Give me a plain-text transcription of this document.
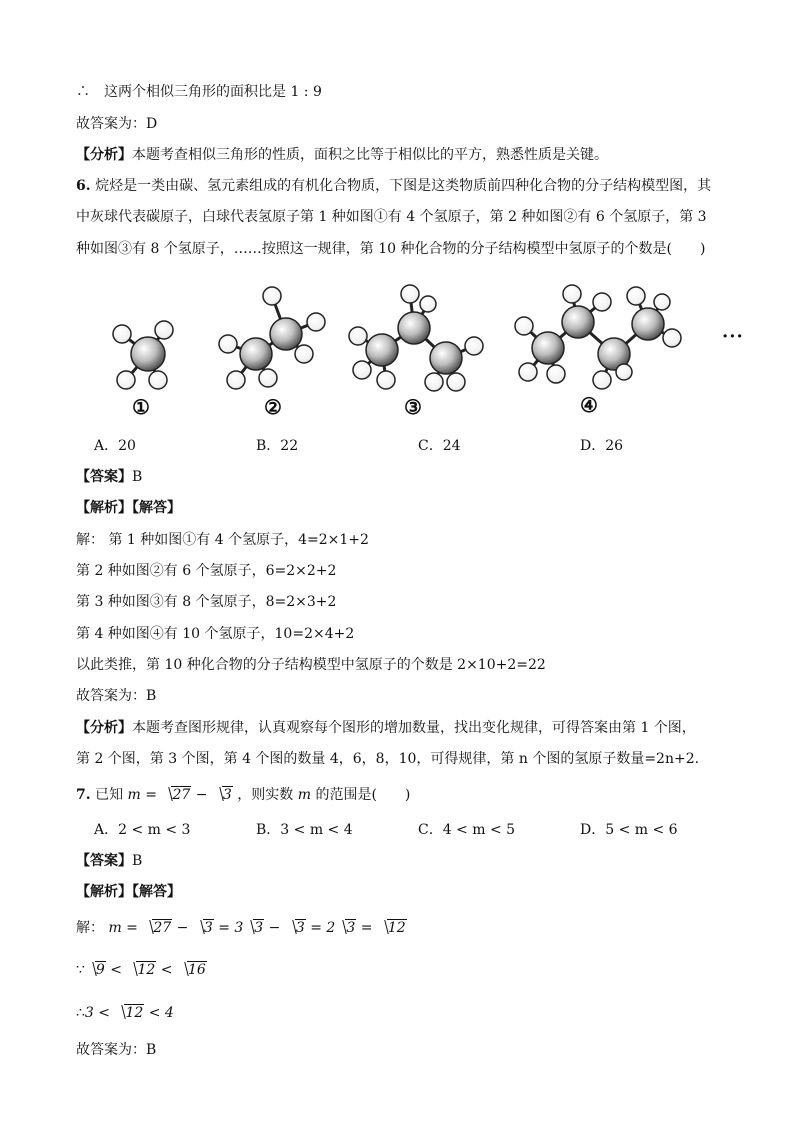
∴　这两个相似三角形的面积比是 1 : 9
故答案为：D
【分析】本题考查相似三角形的性质，面积之比等于相似比的平方，熟悉性质是关键。
6. 烷烃是一类由碳、氢元素组成的有机化合物质，下图是这类物质前四种化合物的分子结构模型图，其
中灰球代表碳原子，白球代表氢原子第 1 种如图①有 4 个氢原子，第 2 种如图②有 6 个氢原子，第 3
种如图③有 8 个氢原子，……按照这一规律，第 10 种化合物的分子结构模型中氢原子的个数是(　　)
①	②	③	④
···
A．20	B．22	C．24	D．26
【答案】B
【解析】【解答】
解： 第 1 种如图①有 4 个氢原子，4=2×1+2
第 2 种如图②有 6 个氢原子，6=2×2+2
第 3 种如图③有 8 个氢原子，8=2×3+2
第 4 种如图④有 10 个氢原子，10=2×4+2
以此类推，第 10 种化合物的分子结构模型中氢原子的个数是 2×10+2=22
故答案为：B
【分析】本题考查图形规律，认真观察每个图形的增加数量，找出变化规律，可得答案由第 1 个图，
第 2 个图，第 3 个图，第 4 个图的数量 4，6，8，10，可得规律，第 n 个图的氢原子数量=2n+2.
7. 已知 m = 27 − 3 ，则实数 m 的范围是(　　)
A．2 < m < 3	B．3 < m < 4	C．4 < m < 5	D．5 < m < 6
【答案】B
【解析】【解答】
解： m = 27 − 3 = 3 3 − 3 = 2 3 = 12
∵ 9 < 12 < 16
∴3 < 12 < 4
故答案为：B
